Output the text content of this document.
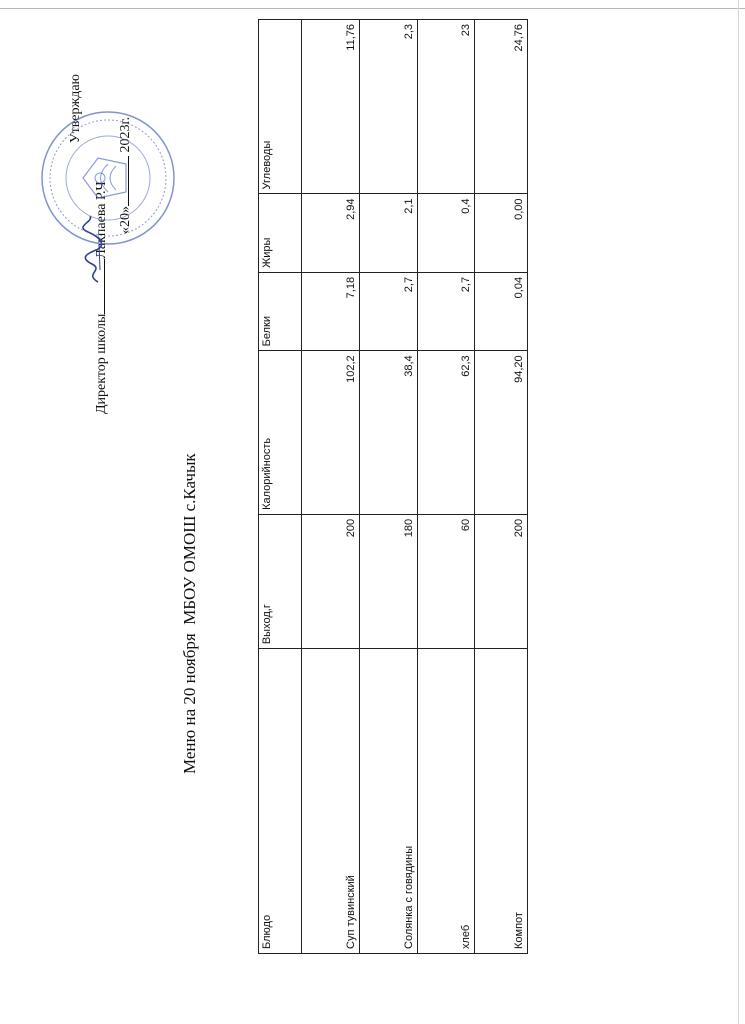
Утверждаю
Директор школыЛакпаева Р.Ч «20» 2023г.
Меню на 20 ноября  МБОУ ОМОШ с.Качык
Блюдо	Выход,г	Калорийность	Белки	Жиры	Углеводы
Суп тувинский	200	102,2	7,18	2,94	11,76
Солянка с говядины	180	38,4	2,7	2,1	2,3
хлеб	60	62,3	2,7	0,4	23
Компот	200	94,20	0,04	0,00	24,76
